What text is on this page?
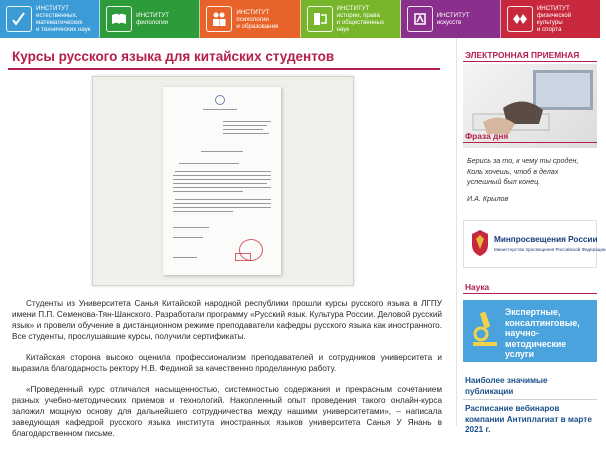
ИНСТИТУТ
естественных,
математических
и технических наук
ИНСТИТУТ
филологии
ИНСТИТУТ
психологии
и образования
ИНСТИТУТ
истории, права
и общественных наук
ИНСТИТУТ
искусств
ИНСТИТУТ
физической культуры
и спорта
Курсы русского языка для китайских студентов

Студенты из Университета Санья Китайской народной республики прошли курсы русского языка в ЛГПУ имени П.П. Семенова-Тян-Шанского. Разработали программу «Русский язык. Культура России. Деловой русский язык» и провели обучение в дистанционном режиме преподаватели кафедры русского языка как иностранного. Все студенты, прослушавшие курсы, получили сертификаты.

Китайская сторона высоко оценила профессионализм преподавателей и сотрудников университета и выразила благодарность ректору Н.В. Фединой за качественно проделанную работу.

«Проведенный курс отличался насыщенностью, системностью содержания и прекрасным сочетанием разных учебно-методических приемов и технологий. Накопленный опыт проведения такого онлайн-курса заложил мощную основу для дальнейшего сотрудничества между нашими университетами», – написала заведующая кафедрой русского языка института иностранных языков университета Санья У Янань в благодарственном письме.

ЭЛЕКТРОННАЯ ПРИЕМНАЯ
Фраза дня
Берись за то, к чему ты сроден, Коль хочешь, чтоб в делах успешный был конец.
И.А. Крылов
Минпросвещения России
Министерство просвещения Российской Федерации
Наука
Экспертные, консалтинговые, научно-методические услуги
Наиболее значимые публикации
Расписание вебинаров компании Антиплагиат в марте 2021 г.
